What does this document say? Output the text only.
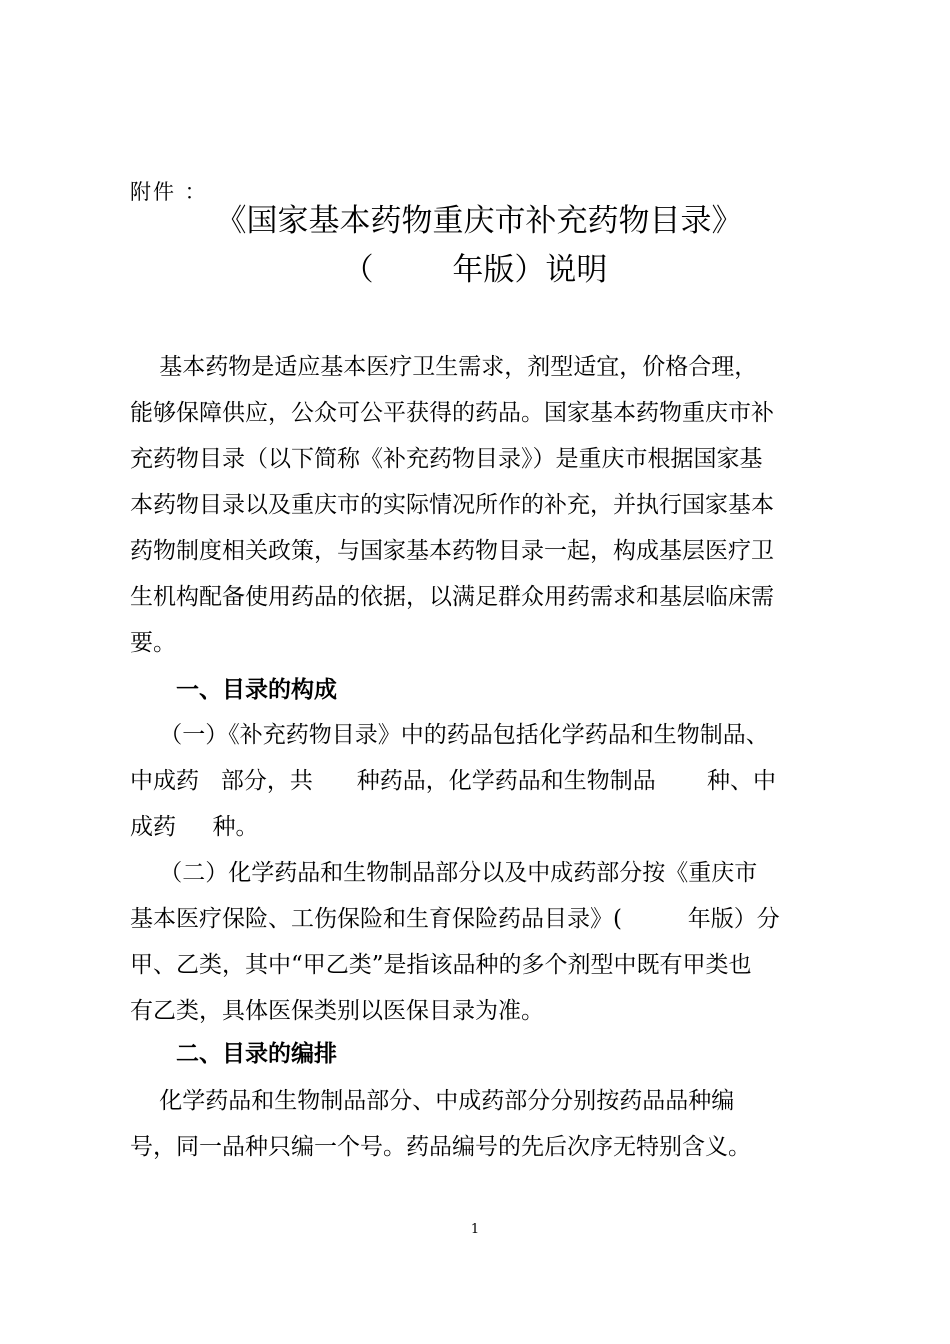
附件 ：
《国家基本药物重庆市补充药物目录》
（        年版）说明
基本药物是适应基本医疗卫生需求，剂型适宜，价格合理，
能够保障供应，公众可公平获得的药品。国家基本药物重庆市补
充药物目录（以下简称《补充药物目录》）是重庆市根据国家基
本药物目录以及重庆市的实际情况所作的补充，并执行国家基本
药物制度相关政策，与国家基本药物目录一起，构成基层医疗卫
生机构配备使用药品的依据，以满足群众用药需求和基层临床需
要。
一、目录的构成
（一）《补充药物目录》中的药品包括化学药品和生物制品、
中成药   部分，共      种药品，化学药品和生物制品       种、中
成药     种。
（二）化学药品和生物制品部分以及中成药部分按《重庆市
基本医疗保险、工伤保险和生育保险药品目录》(         年版）分
甲、乙类，其中“甲乙类”是指该品种的多个剂型中既有甲类也
有乙类，具体医保类别以医保目录为准。
二、目录的编排
化学药品和生物制品部分、中成药部分分别按药品品种编
号，同一品种只编一个号。药品编号的先后次序无特别含义。
1
